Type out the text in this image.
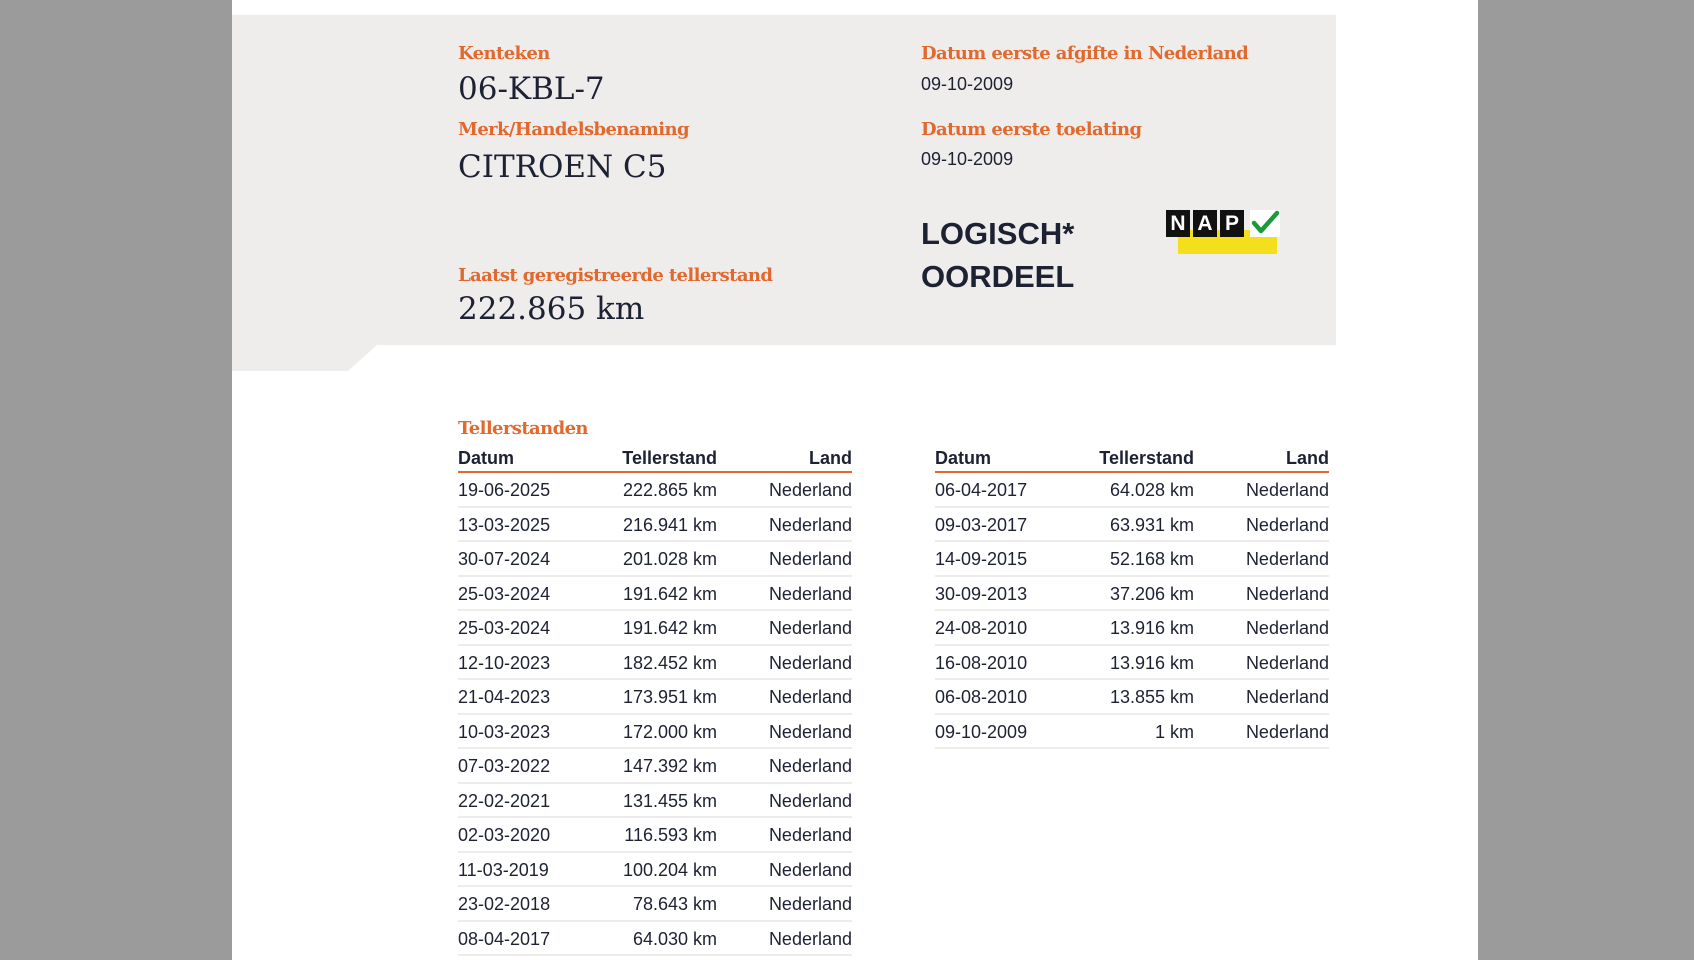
Kenteken
06-KBL-7
Merk/Handelsbenaming
CITROEN C5
Datum eerste afgifte in Nederland
09-10-2009
Datum eerste toelating
09-10-2009
Laatst geregistreerde tellerstand
222.865 km
LOGISCH*
OORDEEL
N A P
Tellerstanden
Datum	Tellerstand	Land
19-06-2025	222.865 km	Nederland
13-03-2025	216.941 km	Nederland
30-07-2024	201.028 km	Nederland
25-03-2024	191.642 km	Nederland
25-03-2024	191.642 km	Nederland
12-10-2023	182.452 km	Nederland
21-04-2023	173.951 km	Nederland
10-03-2023	172.000 km	Nederland
07-03-2022	147.392 km	Nederland
22-02-2021	131.455 km	Nederland
02-03-2020	116.593 km	Nederland
11-03-2019	100.204 km	Nederland
23-02-2018	78.643 km	Nederland
08-04-2017	64.030 km	Nederland
Datum	Tellerstand	Land
06-04-2017	64.028 km	Nederland
09-03-2017	63.931 km	Nederland
14-09-2015	52.168 km	Nederland
30-09-2013	37.206 km	Nederland
24-08-2010	13.916 km	Nederland
16-08-2010	13.916 km	Nederland
06-08-2010	13.855 km	Nederland
09-10-2009	1 km	Nederland
